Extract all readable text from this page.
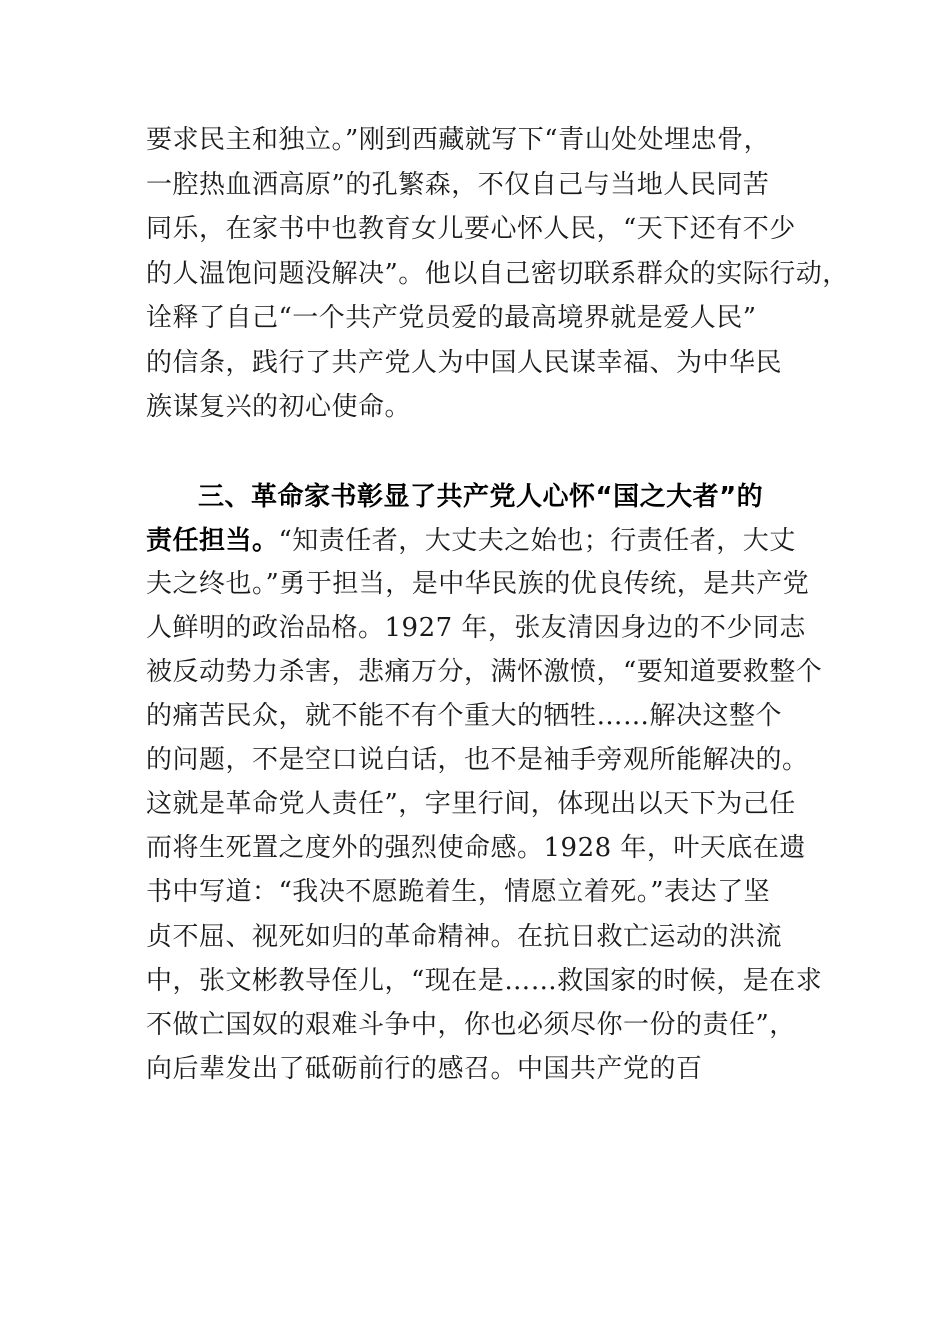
要求民主和独立。”刚到西藏就写下“青山处处埋忠骨，

一腔热血洒高原”的孔繁森，不仅自己与当地人民同苦

同乐，在家书中也教育女儿要心怀人民，“天下还有不少

的人温饱问题没解决”。他以自己密切联系群众的实际行动，

诠释了自己“一个共产党员爱的最高境界就是爱人民”

的信条，践行了共产党人为中国人民谋幸福、为中华民

族谋复兴的初心使命。

三、革命家书彰显了共产党人心怀“国之大者”的

责任担当。“知责任者，大丈夫之始也；行责任者，大丈

夫之终也。”勇于担当，是中华民族的优良传统，是共产党

人鲜明的政治品格。1927 年，张友清因身边的不少同志

被反动势力杀害，悲痛万分，满怀激愤，“要知道要救整个

的痛苦民众，就不能不有个重大的牺牲……解决这整个

的问题，不是空口说白话，也不是袖手旁观所能解决的。

这就是革命党人责任”，字里行间，体现出以天下为己任

而将生死置之度外的强烈使命感。1928 年，叶天底在遗

书中写道：“我决不愿跪着生，情愿立着死。”表达了坚

贞不屈、视死如归的革命精神。在抗日救亡运动的洪流

中，张文彬教导侄儿，“现在是……救国家的时候，是在求

不做亡国奴的艰难斗争中，你也必须尽你一份的责任”，

向后辈发出了砥砺前行的感召。中国共产党的百
